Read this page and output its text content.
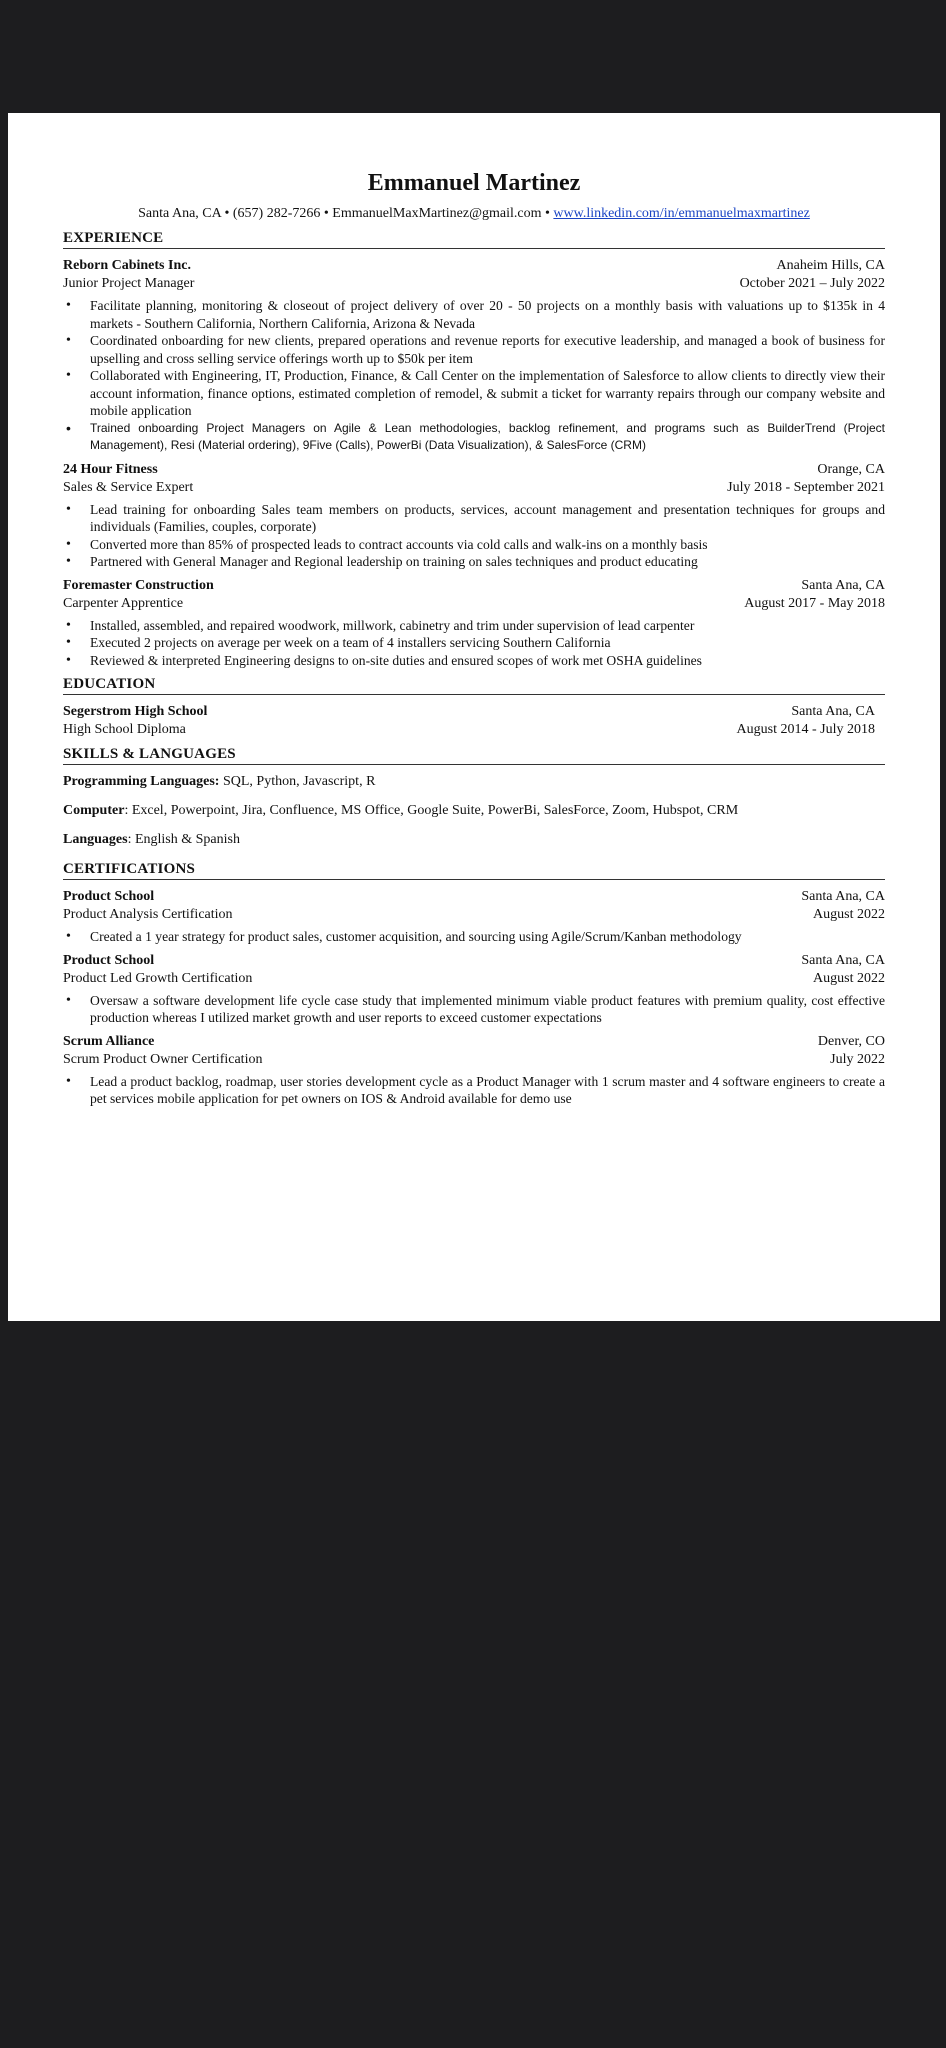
Emmanuel Martinez
Santa Ana, CA • (657) 282-7266 • EmmanuelMaxMartinez@gmail.com • www.linkedin.com/in/emmanuelmaxmartinez
EXPERIENCE
Reborn Cabinets Inc.	Anaheim Hills, CA
Junior Project Manager	October 2021 – July 2022
• Facilitate planning, monitoring & closeout of project delivery of over 20 - 50 projects on a monthly basis with valuations up to $135k in 4 markets - Southern California, Northern California, Arizona & Nevada
• Coordinated onboarding for new clients, prepared operations and revenue reports for executive leadership, and managed a book of business for upselling and cross selling service offerings worth up to $50k per item
• Collaborated with Engineering, IT, Production, Finance, & Call Center on the implementation of Salesforce to allow clients to directly view their account information, finance options, estimated completion of remodel, & submit a ticket for warranty repairs through our company website and mobile application
• Trained onboarding Project Managers on Agile & Lean methodologies, backlog refinement, and programs such as BuilderTrend (Project Management), Resi (Material ordering), 9Five (Calls), PowerBi (Data Visualization), & SalesForce (CRM)
24 Hour Fitness	Orange, CA
Sales & Service Expert	July 2018 - September 2021
• Lead training for onboarding Sales team members on products, services, account management and presentation techniques for groups and individuals (Families, couples, corporate)
• Converted more than 85% of prospected leads to contract accounts via cold calls and walk-ins on a monthly basis
• Partnered with General Manager and Regional leadership on training on sales techniques and product educating
Foremaster Construction	Santa Ana, CA
Carpenter Apprentice	August 2017 - May 2018
• Installed, assembled, and repaired woodwork, millwork, cabinetry and trim under supervision of lead carpenter
• Executed 2 projects on average per week on a team of 4 installers servicing Southern California
• Reviewed & interpreted Engineering designs to on-site duties and ensured scopes of work met OSHA guidelines
EDUCATION
Segerstrom High School	Santa Ana, CA
High School Diploma	August 2014 - July 2018
SKILLS & LANGUAGES
Programming Languages: SQL, Python, Javascript, R
Computer: Excel, Powerpoint, Jira, Confluence, MS Office, Google Suite, PowerBi, SalesForce, Zoom, Hubspot, CRM
Languages: English & Spanish
CERTIFICATIONS
Product School	Santa Ana, CA
Product Analysis Certification	August 2022
• Created a 1 year strategy for product sales, customer acquisition, and sourcing using Agile/Scrum/Kanban methodology
Product School	Santa Ana, CA
Product Led Growth Certification	August 2022
• Oversaw a software development life cycle case study that implemented minimum viable product features with premium quality, cost effective production whereas I utilized market growth and user reports to exceed customer expectations
Scrum Alliance	Denver, CO
Scrum Product Owner Certification	July 2022
• Lead a product backlog, roadmap, user stories development cycle as a Product Manager with 1 scrum master and 4 software engineers to create a pet services mobile application for pet owners on IOS & Android available for demo use
